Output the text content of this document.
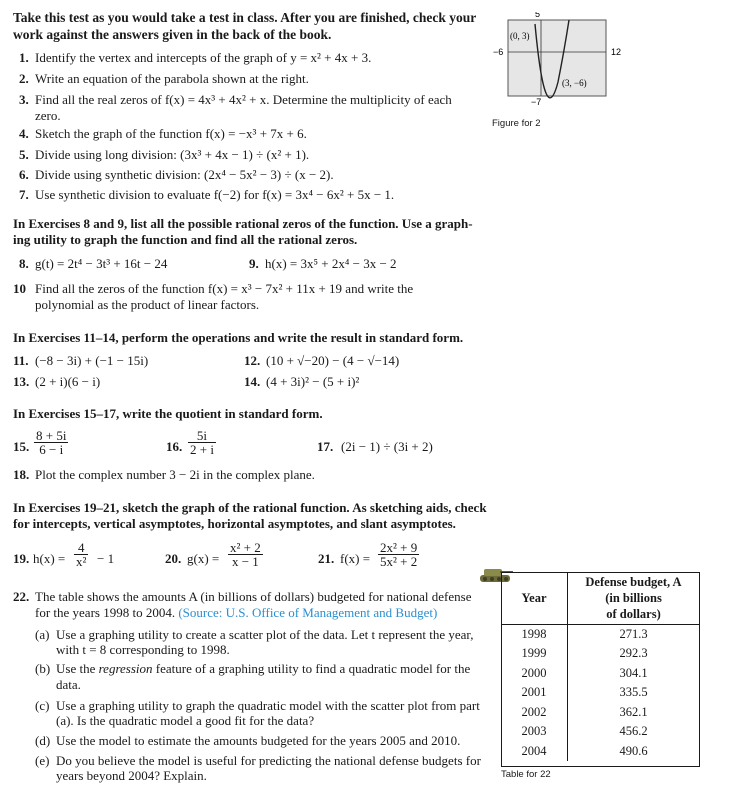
Take this test as you would take a test in class. After you are finished, check your
work against the answers given in the back of the book.
1. Identify the vertex and intercepts of the graph of y = x² + 4x + 3.
2. Write an equation of the parabola shown at the right.
3. Find all the real zeros of f(x) = 4x³ + 4x² + x. Determine the multiplicity of each
zero.
4. Sketch the graph of the function f(x) = −x³ + 7x + 6.
5. Divide using long division: (3x³ + 4x − 1) ÷ (x² + 1).
6. Divide using synthetic division: (2x⁴ − 5x² − 3) ÷ (x − 2).
7. Use synthetic division to evaluate f(−2) for f(x) = 3x⁴ − 6x² + 5x − 1.
In Exercises 8 and 9, list all the possible rational zeros of the function. Use a graph-
ing utility to graph the function and find all the rational zeros.
8. g(t) = 2t⁴ − 3t³ + 16t − 24	9. h(x) = 3x⁵ + 2x⁴ − 3x − 2
10 Find all the zeros of the function f(x) = x³ − 7x² + 11x + 19 and write the
polynomial as the product of linear factors.
In Exercises 11–14, perform the operations and write the result in standard form.
11. (−8 − 3i) + (−1 − 15i)	12. (10 + √−20) − (4 − √−14)
13. (2 + i)(6 − i)	14. (4 + 3i)² − (5 + i)²
In Exercises 15–17, write the quotient in standard form.
15. $\frac{8 + 5i}{6 - i}$	16. $\frac{5i}{2 + i}$	17. (2i − 1) ÷ (3i + 2)
18. Plot the complex number 3 − 2i in the complex plane.
In Exercises 19–21, sketch the graph of the rational function. As sketching aids, check
for intercepts, vertical asymptotes, horizontal asymptotes, and slant asymptotes.
19. $h(x) = \frac{4}{\text{x²}} - 1$	20. $g(x) = \frac{\text{x² + 2}}{x - 1}$	21. $f(x) = \frac{\text{2x² + 9}}{\text{5x² + 2}}$
22. The table shows the amounts A (in billions of dollars) budgeted for national defense
for the years 1998 to 2004. (Source: U.S. Office of Management and Budget)
(a) Use a graphing utility to create a scatter plot of the data. Let t represent the year,
with t = 8 corresponding to 1998.
(b) Use the regression feature of a graphing utility to find a quadratic model for the
data.
(c) Use a graphing utility to graph the quadratic model with the scatter plot from part
(a). Is the quadratic model a good fit for the data?
(d) Use the model to estimate the amounts budgeted for the years 2005 and 2010.
(e) Do you believe the model is useful for predicting the national defense budgets for
years beyond 2004? Explain.
5
−6	12
−7
(0, 3)
(3, −6)
Figure for 2
Year	Defense budget, A
(in billions
of dollars)
1998	271.3
1999	292.3
2000	304.1
2001	335.5
2002	362.1
2003	456.2
2004	490.6
Table for 22
